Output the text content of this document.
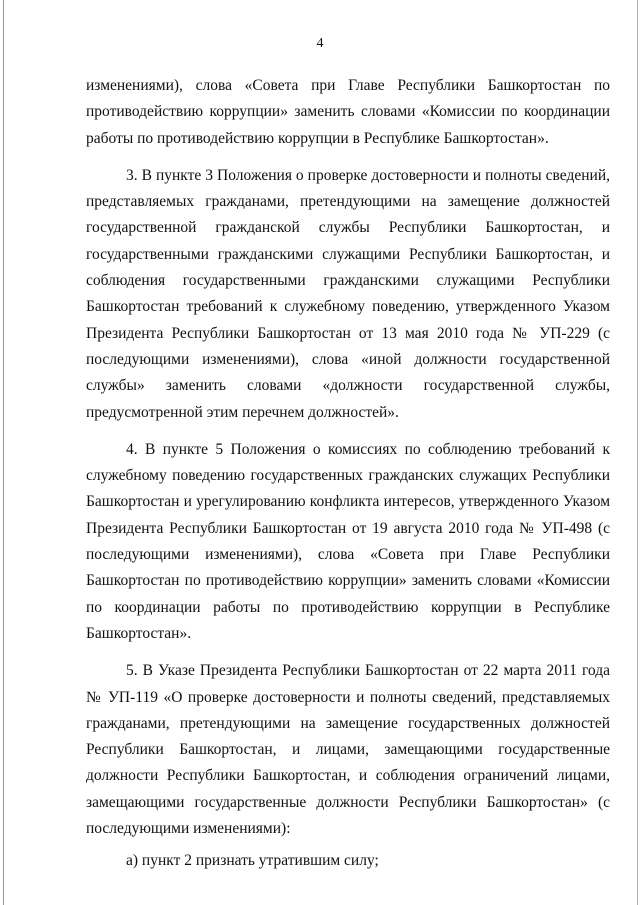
4

изменениями), слова «Совета при Главе Республики Башкортостан по противодействию коррупции» заменить словами «Комиссии по координации работы по противодействию коррупции в Республике Башкортостан».

3. В пункте 3 Положения о проверке достоверности и полноты сведений, представляемых гражданами, претендующими на замещение должностей государственной гражданской службы Республики Башкортостан, и государственными гражданскими служащими Республики Башкортостан, и соблюдения государственными гражданскими служащими Республики Башкортостан требований к служебному поведению, утвержденного Указом Президента Республики Башкортостан от 13 мая 2010 года № УП-229 (с последующими изменениями), слова «иной должности государственной службы» заменить словами «должности государственной службы, предусмотренной этим перечнем должностей».

4. В пункте 5 Положения о комиссиях по соблюдению требований к служебному поведению государственных гражданских служащих Республики Башкортостан и урегулированию конфликта интересов, утвержденного Указом Президента Республики Башкортостан от 19 августа 2010 года № УП-498 (с последующими изменениями), слова «Совета при Главе Республики Башкортостан по противодействию коррупции» заменить словами «Комиссии по координации работы по противодействию коррупции в Республике Башкортостан».

5. В Указе Президента Республики Башкортостан от 22 марта 2011 года № УП-119 «О проверке достоверности и полноты сведений, представляемых гражданами, претендующими на замещение государственных должностей Республики Башкортостан, и лицами, замещающими государственные должности Республики Башкортостан, и соблюдения ограничений лицами, замещающими государственные должности Республики Башкортостан» (с последующими изменениями):

а) пункт 2 признать утратившим силу;
